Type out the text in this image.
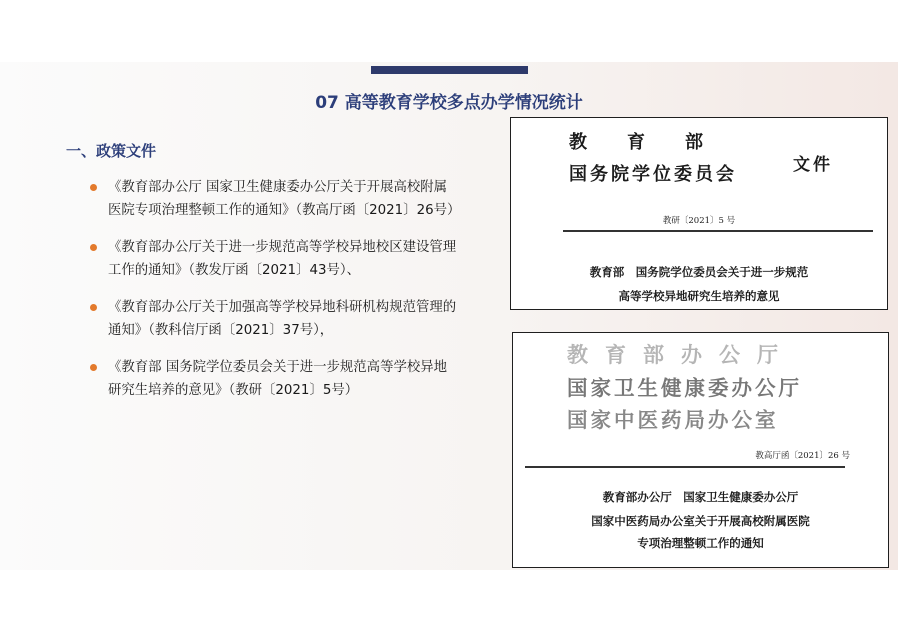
07 高等教育学校多点办学情况统计
一、政策文件
《教育部办公厅 国家卫生健康委办公厅关于开展高校附属
医院专项治理整顿工作的通知》（教高厅函〔2021〕26号）
《教育部办公厅关于进一步规范高等学校异地校区建设管理
工作的通知》（教发厅函〔2021〕43号）、
《教育部办公厅关于加强高等学校异地科研机构规范管理的
通知》（教科信厅函〔2021〕37号），
《教育部 国务院学位委员会关于进一步规范高等学校异地
研究生培养的意见》（教研〔2021〕5号）
教育部
国务院学位委员会	文件
教研〔2021〕5 号
教育部　国务院学位委员会关于进一步规范
高等学校异地研究生培养的意见
教育部办公厅
国家卫生健康委办公厅
国家中医药局办公室
教高厅函〔2021〕26 号
教育部办公厅　国家卫生健康委办公厅
国家中医药局办公室关于开展高校附属医院
专项治理整顿工作的通知
